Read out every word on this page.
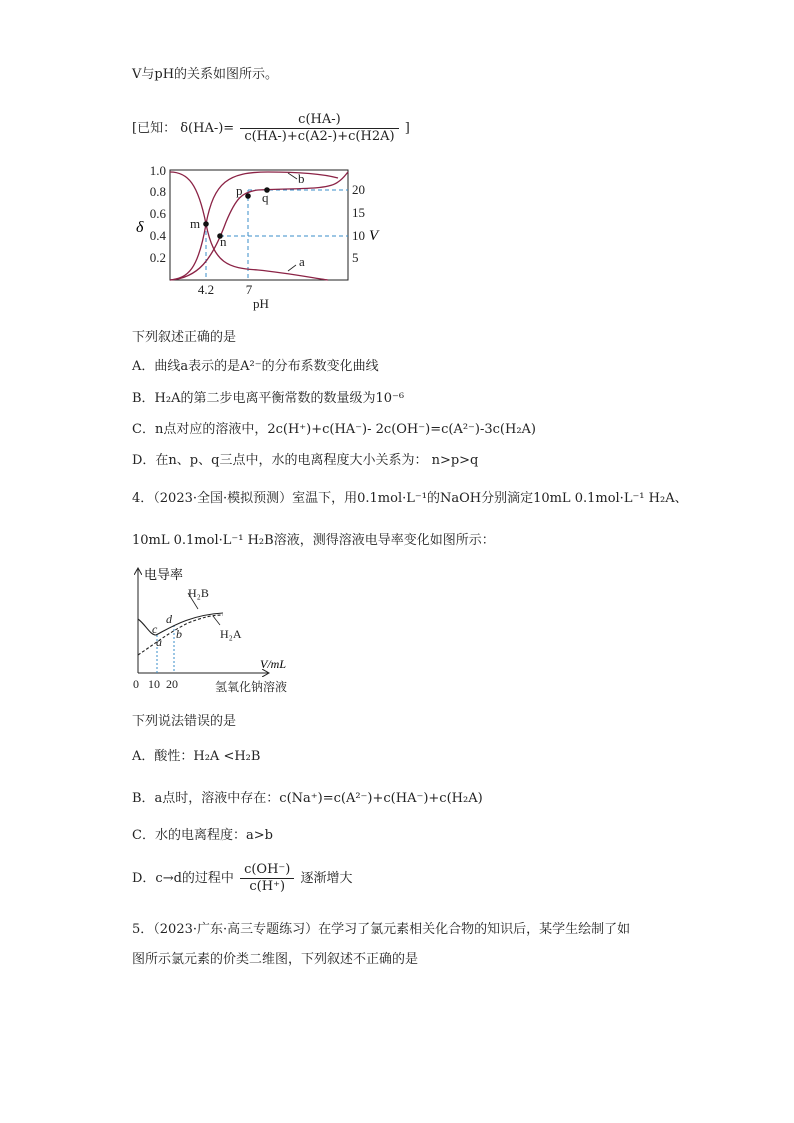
V与pH的关系如图所示。
[已知： $\delta(HA-)= \frac{c(HA-)}{c(HA-)+c(A2-)+c(H2A)}$ ]
1.0
0.8
0.6
0.4
0.2
δ
20
15
10
5
V
m
n
p q
a
b
4.2 7
pH
下列叙述正确的是
A．曲线a表示的是A²⁻的分布系数变化曲线
B．H₂A的第二步电离平衡常数的数量级为10⁻⁶
C．n点对应的溶液中，2c(H⁺)+c(HA⁻)- 2c(OH⁻)=c(A²⁻)-3c(H₂A)
D．在n、p、q三点中，水的电离程度大小关系为： n>p>q
4．（2023·全国·模拟预测）室温下，用0.1mol·L⁻¹的NaOH分别滴定10mL 0.1mol·L⁻¹ H₂A、
10mL 0.1mol·L⁻¹ H₂B溶液，测得溶液电导率变化如图所示：
电导率
V/mL
a
b
c
d
H₂B
H₂A
0 10 20	氢氧化钠溶液
下列说法错误的是
A．酸性：H₂A <H₂B
B．a点时，溶液中存在：c(Na⁺)=c(A²⁻)+c(HA⁻)+c(H₂A)
C．水的电离程度：a>b
D．c→d的过程中 $\frac{c(OH^-)}{c(H^+)}$ 逐渐增大
5．（2023·广东·高三专题练习）在学习了氯元素相关化合物的知识后，某学生绘制了如
图所示氯元素的价类二维图，下列叙述不正确的是
